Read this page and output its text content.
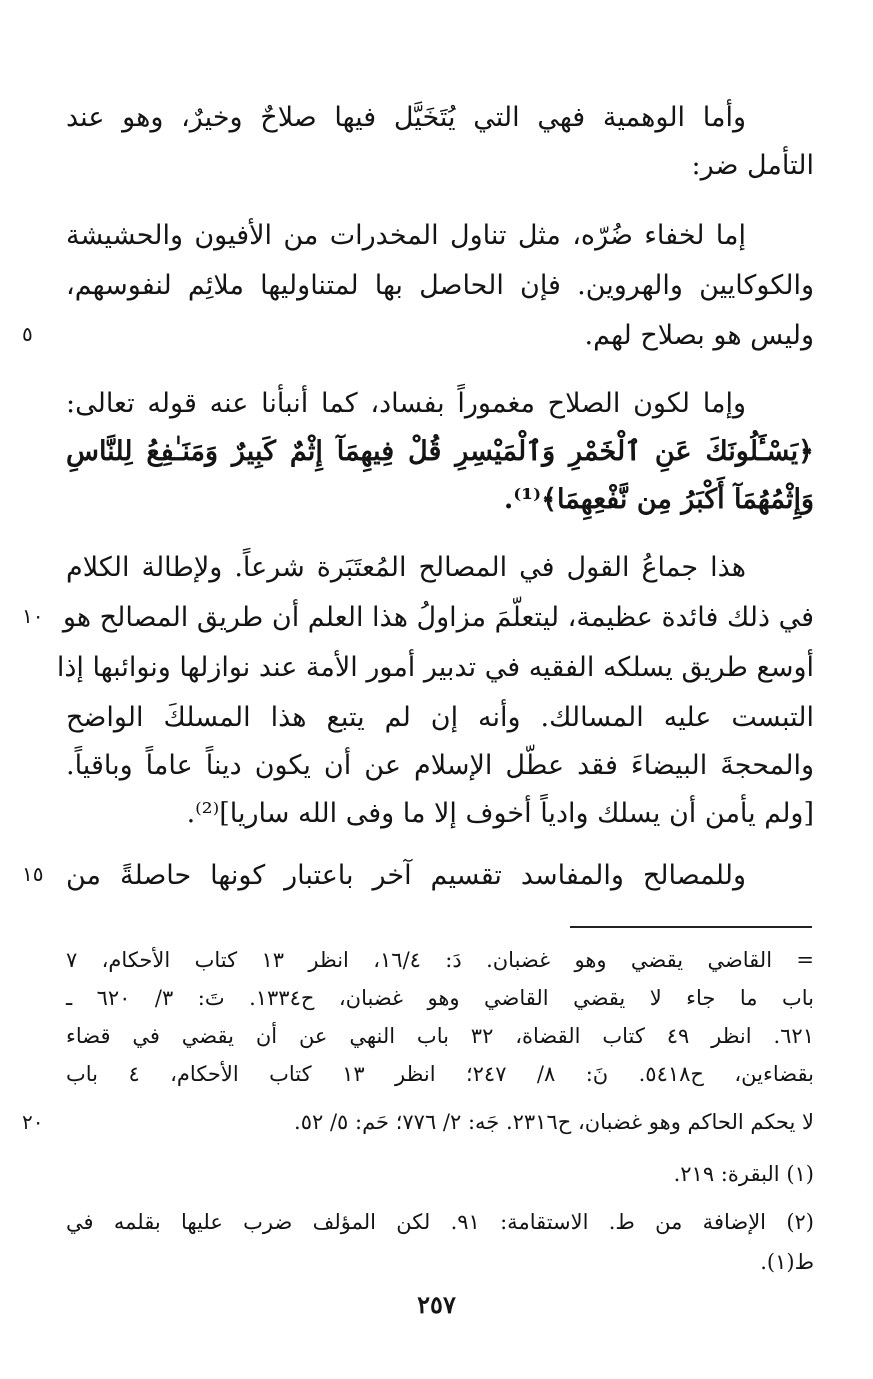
وأما الوهمية فهي التي يُتَخَيَّل فيها صلاحٌ وخيرٌ، وهو عند
التأمل ضر:
إما لخفاء ضُرّه، مثل تناول المخدرات من الأفيون والحشيشة
والكوكايين والهروين. فإن الحاصل بها لمتناوليها ملائِم لنفوسهم،
وليس هو بصلاح لهم.
٥
وإما لكون الصلاح مغموراً بفساد، كما أنبأنا عنه قوله تعالى:
﴿يَسْـَٔلُونَكَ عَنِ ٱلْخَمْرِ وَٱلْمَيْسِرِ قُلْ فِيهِمَآ إِثْمٌ كَبِيرٌ وَمَنَـٰفِعُ لِلنَّاسِ
وَإِثْمُهُمَآ أَكْبَرُ مِن نَّفْعِهِمَا﴾⁽¹⁾.
هذا جماعُ القول في المصالح المُعتَبَرة شرعاً. ولإطالة الكلام
في ذلك فائدة عظيمة، ليتعلّمَ مزاولُ هذا العلم أن طريق المصالح هو
١٠
أوسع طريق يسلكه الفقيه في تدبير أمور الأمة عند نوازلها ونوائبها إذا
التبست عليه المسالك. وأنه إن لم يتبع هذا المسلكَ الواضح
والمحجةَ البيضاءَ فقد عطّل الإسلام عن أن يكون ديناً عاماً وباقياً.
[ولم يأمن أن يسلك وادياً أخوف إلا ما وفى الله ساريا]⁽²⁾.
وللمصالح والمفاسد تقسيم آخر باعتبار كونها حاصلةً من
١٥
= القاضي يقضي وهو غضبان. دَ: ١٦/٤، انظر ١٣ كتاب الأحكام، ٧
باب ما جاء لا يقضي القاضي وهو غضبان، ح١٣٣٤. تَ: ٣/ ٦٢٠ ـ
٦٢١. انظر ٤٩ كتاب القضاة، ٣٢ باب النهي عن أن يقضي في قضاء
بقضاءين، ح٥٤١٨. نَ: ٨/ ٢٤٧؛ انظر ١٣ كتاب الأحكام، ٤ باب
لا يحكم الحاكم وهو غضبان، ح٢٣١٦. جَه: ٢/ ٧٧٦؛ حَم: ٥/ ٥٢.
٢٠
(١) البقرة: ٢١٩.
(٢) الإضافة من ط. الاستقامة: ٩١. لكن المؤلف ضرب عليها بقلمه في
ط(١).
٢٥٧
